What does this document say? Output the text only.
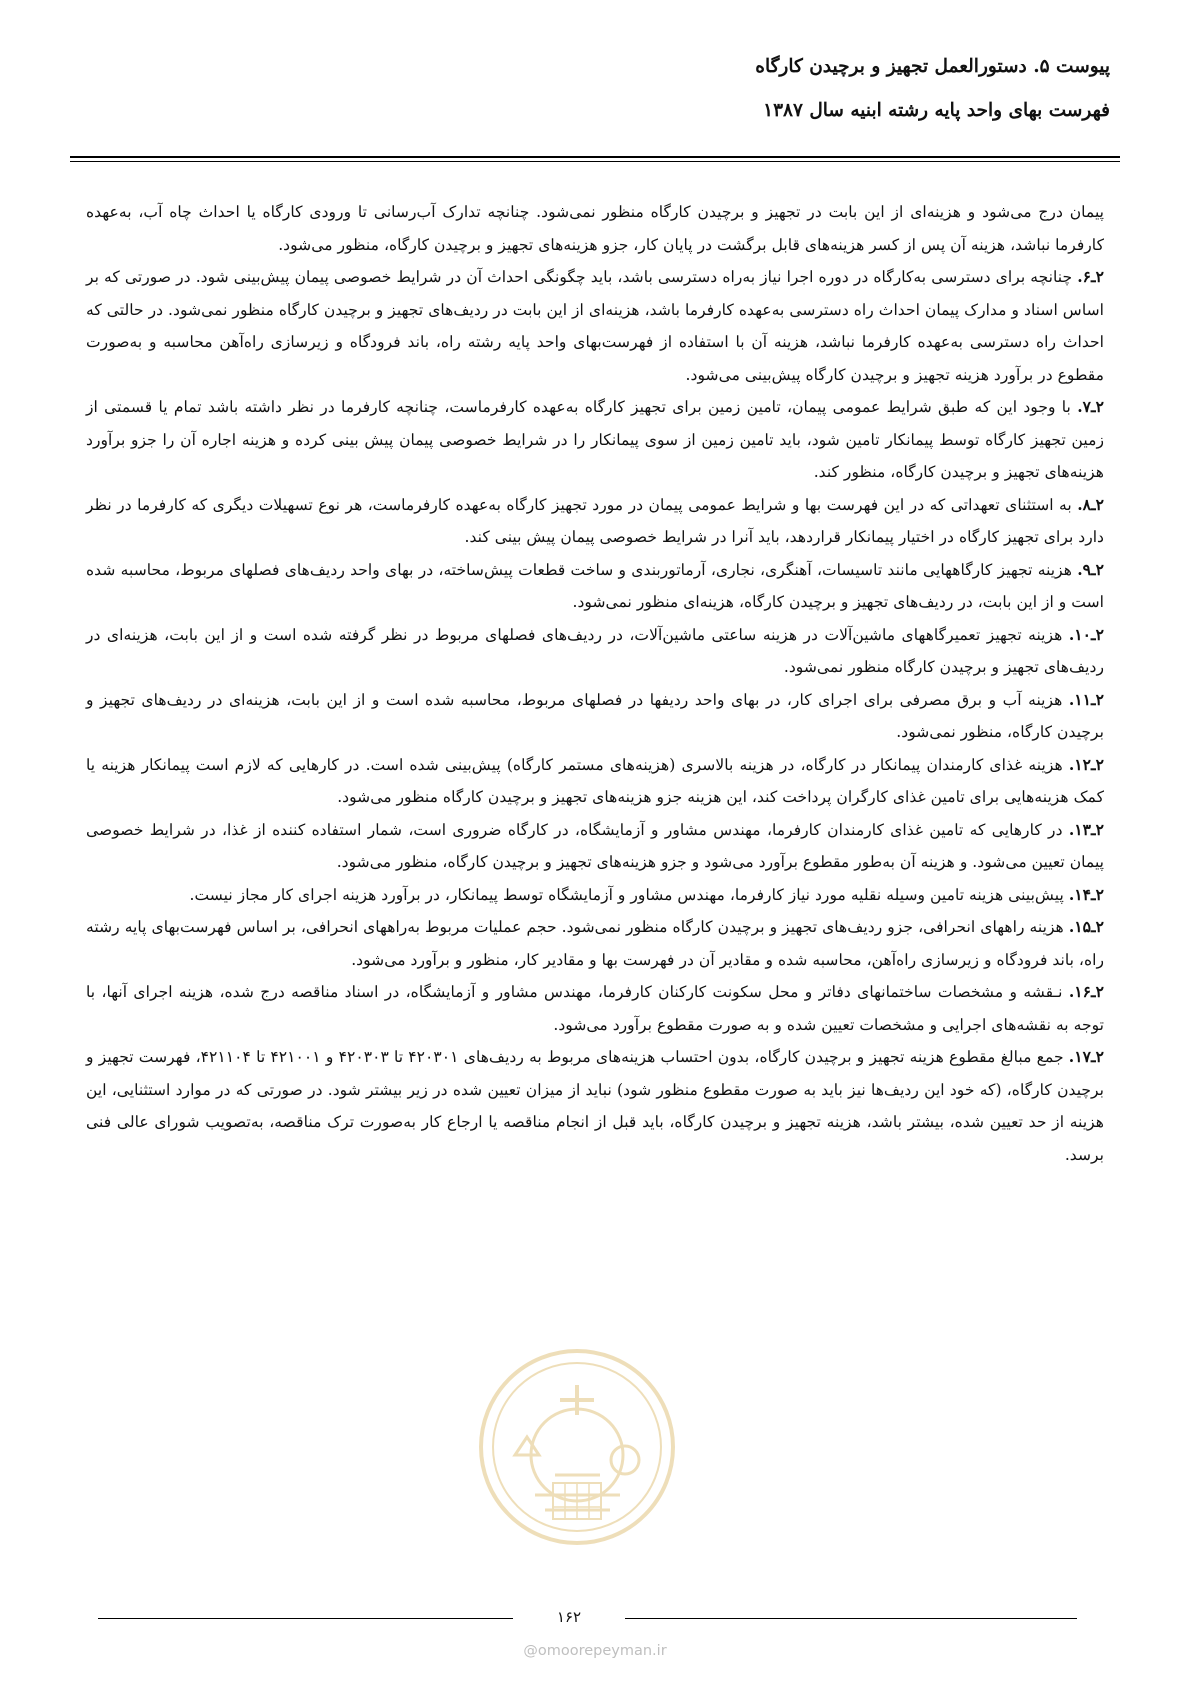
پیوست ۵. دستورالعمل تجهیز و برچیدن کارگاه
فهرست بهای واحد پایه رشته ابنیه سال ۱۳۸۷

پیمان درج می‌شود و هزینه‌ای از این بابت در تجهیز و برچیدن کارگاه منظور نمی‌شود. چنانچه تدارک آب‌رسانی تا ورودی کارگاه یا احداث چاه آب، به‌عهده کارفرما نباشد، هزینه آن پس از کسر هزینه‌های قابل برگشت در پایان کار، جزو هزینه‌های تجهیز و برچیدن کارگاه، منظور می‌شود.

۲ـ۶. چنانچه برای دسترسی به‌کارگاه در دوره اجرا نیاز به‌راه دسترسی باشد، باید چگونگی احداث آن در شرایط خصوصی پیمان پیش‌بینی شود. در صورتی که بر اساس اسناد و مدارک پیمان احداث راه دسترسی به‌عهده کارفرما باشد، هزینه‌ای از این بابت در ردیف‌های تجهیز و برچیدن کارگاه منظور نمی‌شود. در حالتی که احداث راه دسترسی به‌عهده کارفرما نباشد، هزینه آن با استفاده از فهرست‌بهای واحد پایه رشته راه، باند فرودگاه و زیرسازی راه‌آهن محاسبه و به‌صورت مقطوع در برآورد هزینه تجهیز و برچیدن کارگاه پیش‌بینی می‌شود.

۲ـ۷. با وجود این که طبق شرایط عمومی پیمان، تامین زمین برای تجهیز کارگاه به‌عهده کارفرماست، چنانچه کارفرما در نظر داشته باشد تمام یا قسمتی از زمین تجهیز کارگاه توسط پیمانکار تامین شود، باید تامین زمین از سوی پیمانکار را در شرایط خصوصی پیمان پیش بینی کرده و هزینه اجاره آن را جزو برآورد هزینه‌های تجهیز و برچیدن کارگاه، منظور کند.

۲ـ۸. به استثنای تعهداتی که در این فهرست بها و شرایط عمومی پیمان در مورد تجهیز کارگاه به‌عهده کارفرماست، هر نوع تسهیلات دیگری که کارفرما در نظر دارد برای تجهیز کارگاه در اختیار پیمانکار قراردهد، باید آنرا در شرایط خصوصی پیمان پیش بینی کند.

۲ـ۹. هزینه تجهیز کارگاههایی مانند تاسیسات، آهنگری، نجاری، آرماتوربندی و ساخت قطعات پیش‌ساخته، در بهای واحد ردیف‌های فصلهای مربوط، محاسبه شده است و از این بابت، در ردیف‌های تجهیز و برچیدن کارگاه، هزینه‌ای منظور نمی‌شود.

۲ـ۱۰. هزینه تجهیز تعمیرگاههای ماشین‌آلات در هزینه ساعتی ماشین‌آلات، در ردیف‌های فصلهای مربوط در نظر گرفته شده است و از این بابت، هزینه‌ای در ردیف‌های تجهیز و برچیدن کارگاه منظور نمی‌شود.

۲ـ۱۱. هزینه آب و برق مصرفی برای اجرای کار، در بهای واحد ردیفها در فصلهای مربوط، محاسبه شده است و از این بابت، هزینه‌ای در ردیف‌های تجهیز و برچیدن کارگاه، منظور نمی‌شود.

۲ـ۱۲. هزینه غذای کارمندان پیمانکار در کارگاه، در هزینه بالاسری (هزینه‌های مستمر کارگاه) پیش‌بینی شده است. در کارهایی که لازم است پیمانکار هزینه یا کمک هزینه‌هایی برای تامین غذای کارگران پرداخت کند، این هزینه جزو هزینه‌های تجهیز و برچیدن کارگاه منظور می‌شود.

۲ـ۱۳. در کارهایی که تامین غذای کارمندان کارفرما، مهندس مشاور و آزمایشگاه، در کارگاه ضروری است، شمار استفاده کننده از غذا، در شرایط خصوصی پیمان تعیین می‌شود. و هزینه آن به‌طور مقطوع برآورد می‌شود و جزو هزینه‌های تجهیز و برچیدن کارگاه، منظور می‌شود.

۲ـ۱۴. پیش‌بینی هزینه تامین وسیله نقلیه مورد نیاز کارفرما، مهندس مشاور و آزمایشگاه توسط پیمانکار، در برآورد هزینه اجرای کار مجاز نیست.

۲ـ۱۵. هزینه راههای انحرافی، جزو ردیف‌های تجهیز و برچیدن کارگاه منظور نمی‌شود. حجم عملیات مربوط به‌راههای انحرافی، بر اساس فهرست‌بهای پایه رشته راه، باند فرودگاه و زیرسازی راه‌آهن، محاسبه شده و مقادیر آن در فهرست بها و مقادیر کار، منظور و برآورد می‌شود.

۲ـ۱۶. نـقشه و مشخصات ساختمانهای دفاتر و محل سکونت کارکنان کارفرما، مهندس مشاور و آزمایشگاه، در اسناد مناقصه درج شده، هزینه اجرای آنها، با توجه به نقشه‌های اجرایی و مشخصات تعیین شده و به صورت مقطوع برآورد می‌شود.

۲ـ۱۷. جمع مبالغ مقطوع هزینه تجهیز و برچیدن کارگاه، بدون احتساب هزینه‌های مربوط به ردیف‌های ۴۲۰۳۰۱ تا ۴۲۰۳۰۳ و ۴۲۱۰۰۱ تا ۴۲۱۱۰۴، فهرست تجهیز و برچیدن کارگاه، (که خود این ردیف‌ها نیز باید به صورت مقطوع منظور شود) نباید از میزان تعیین شده در زیر بیشتر شود. در صورتی که در موارد استثنایی، این هزینه از حد تعیین شده، بیشتر باشد، هزینه تجهیز و برچیدن کارگاه، باید قبل از انجام مناقصه یا ارجاع کار به‌صورت ترک مناقصه، به‌تصویب شورای عالی فنی برسد.

۱۶۲
@omoorepeyman.ir
